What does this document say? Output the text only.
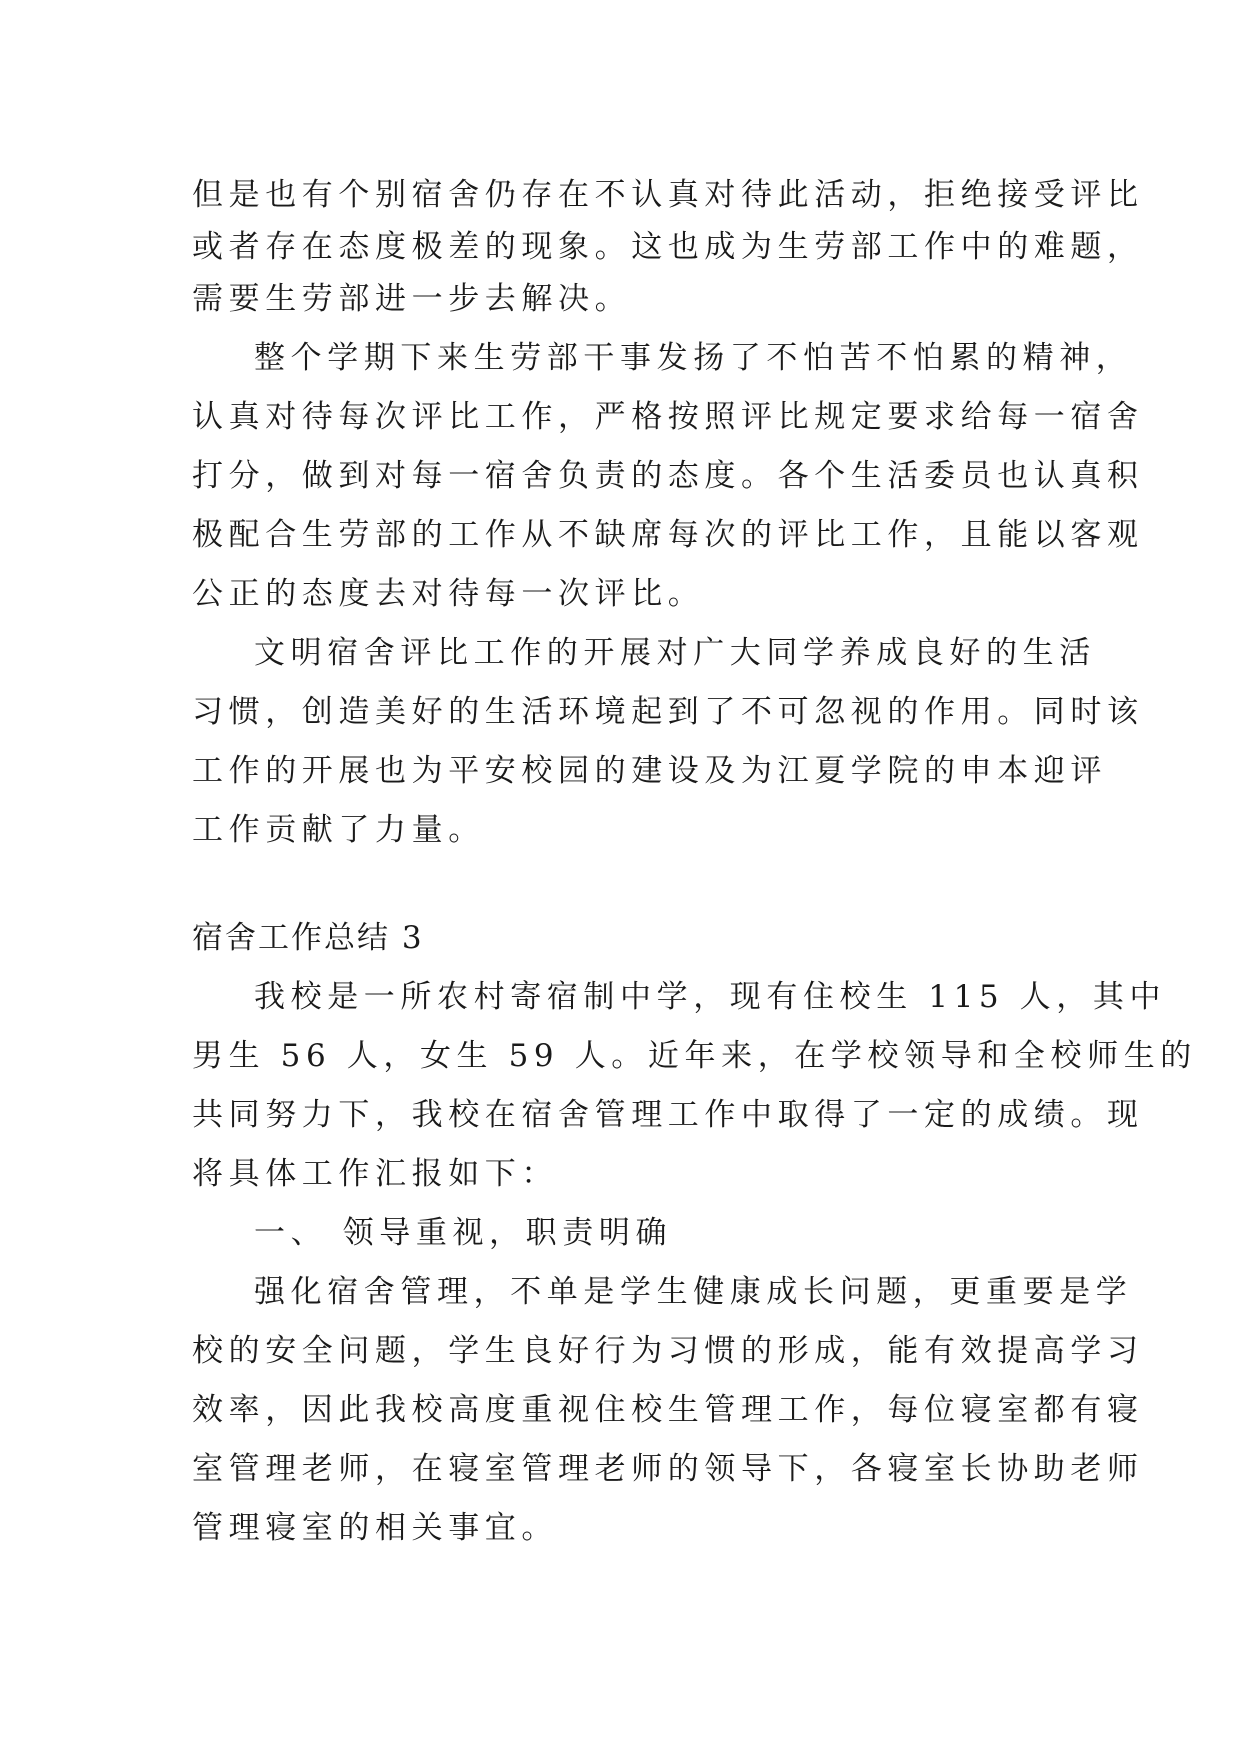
但是也有个别宿舍仍存在不认真对待此活动，拒绝接受评比
或者存在态度极差的现象。这也成为生劳部工作中的难题，
需要生劳部进一步去解决。
整个学期下来生劳部干事发扬了不怕苦不怕累的精神，
认真对待每次评比工作，严格按照评比规定要求给每一宿舍
打分，做到对每一宿舍负责的态度。各个生活委员也认真积
极配合生劳部的工作从不缺席每次的评比工作，且能以客观
公正的态度去对待每一次评比。
文明宿舍评比工作的开展对广大同学养成良好的生活
习惯，创造美好的生活环境起到了不可忽视的作用。同时该
工作的开展也为平安校园的建设及为江夏学院的申本迎评
工作贡献了力量。
宿舍工作总结 3
我校是一所农村寄宿制中学，现有住校生 115 人，其中
男生 56 人，女生 59 人。近年来，在学校领导和全校师生的
共同努力下，我校在宿舍管理工作中取得了一定的成绩。现
将具体工作汇报如下：
一、 领导重视，职责明确
强化宿舍管理，不单是学生健康成长问题，更重要是学
校的安全问题，学生良好行为习惯的形成，能有效提高学习
效率，因此我校高度重视住校生管理工作，每位寝室都有寝
室管理老师，在寝室管理老师的领导下，各寝室长协助老师
管理寝室的相关事宜。
